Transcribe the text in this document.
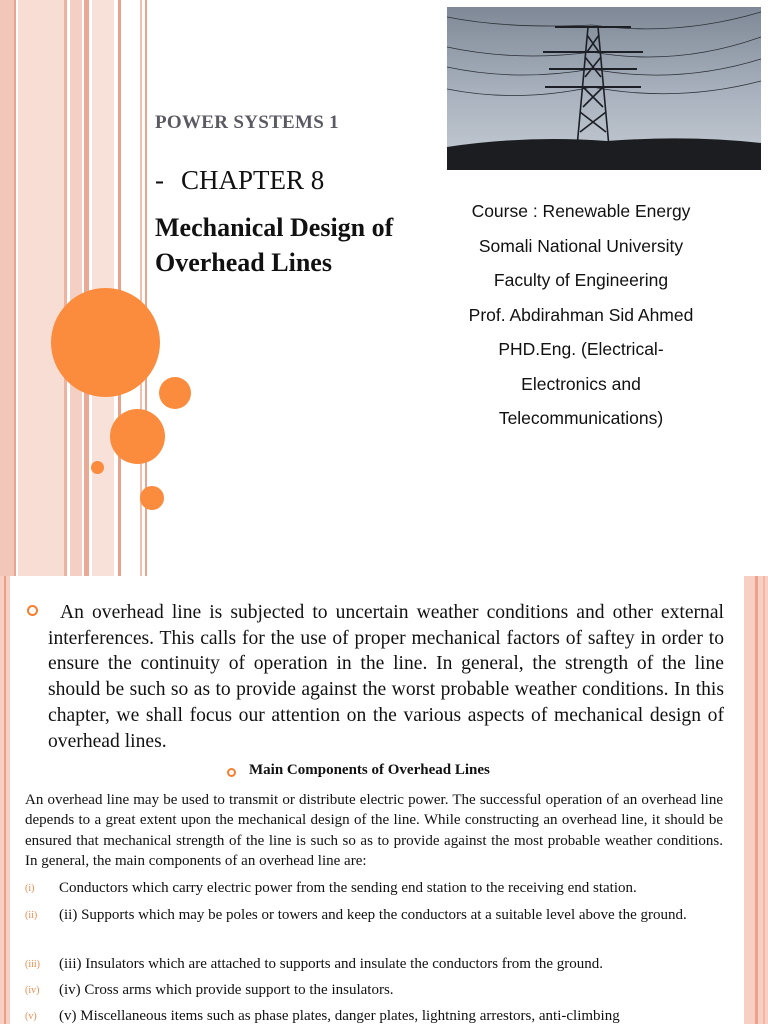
POWER SYSTEMS 1
- CHAPTER 8
Mechanical Design of
Overhead Lines
Course : Renewable Energy
Somali National University
Faculty of Engineering
Prof. Abdirahman Sid Ahmed
PHD.Eng. (Electrical-
Electronics and
Telecommunications)
An overhead line is subjected to uncertain weather conditions and other external interferences. This calls for the use of proper mechanical factors of saftey in order to ensure the continuity of operation in the line. In general, the strength of the line should be such so as to provide against the worst probable weather conditions. In this chapter, we shall focus our attention on the various aspects of mechanical design of overhead lines.
Main Components of Overhead Lines
An overhead line may be used to transmit or distribute electric power. The successful operation of an overhead line depends to a great extent upon the mechanical design of the line. While constructing an overhead line, it should be ensured that mechanical strength of the line is such so as to provide against the most probable weather conditions. In general, the main components of an overhead line are:
(i) Conductors which carry electric power from the sending end station to the receiving end station.
(ii) (ii) Supports which may be poles or towers and keep the conductors at a suitable level above the ground.
(iii) (iii) Insulators which are attached to supports and insulate the conductors from the ground.
(iv) (iv) Cross arms which provide support to the insulators.
(v) (v) Miscellaneous items such as phase plates, danger plates, lightning arrestors, anti-climbing
